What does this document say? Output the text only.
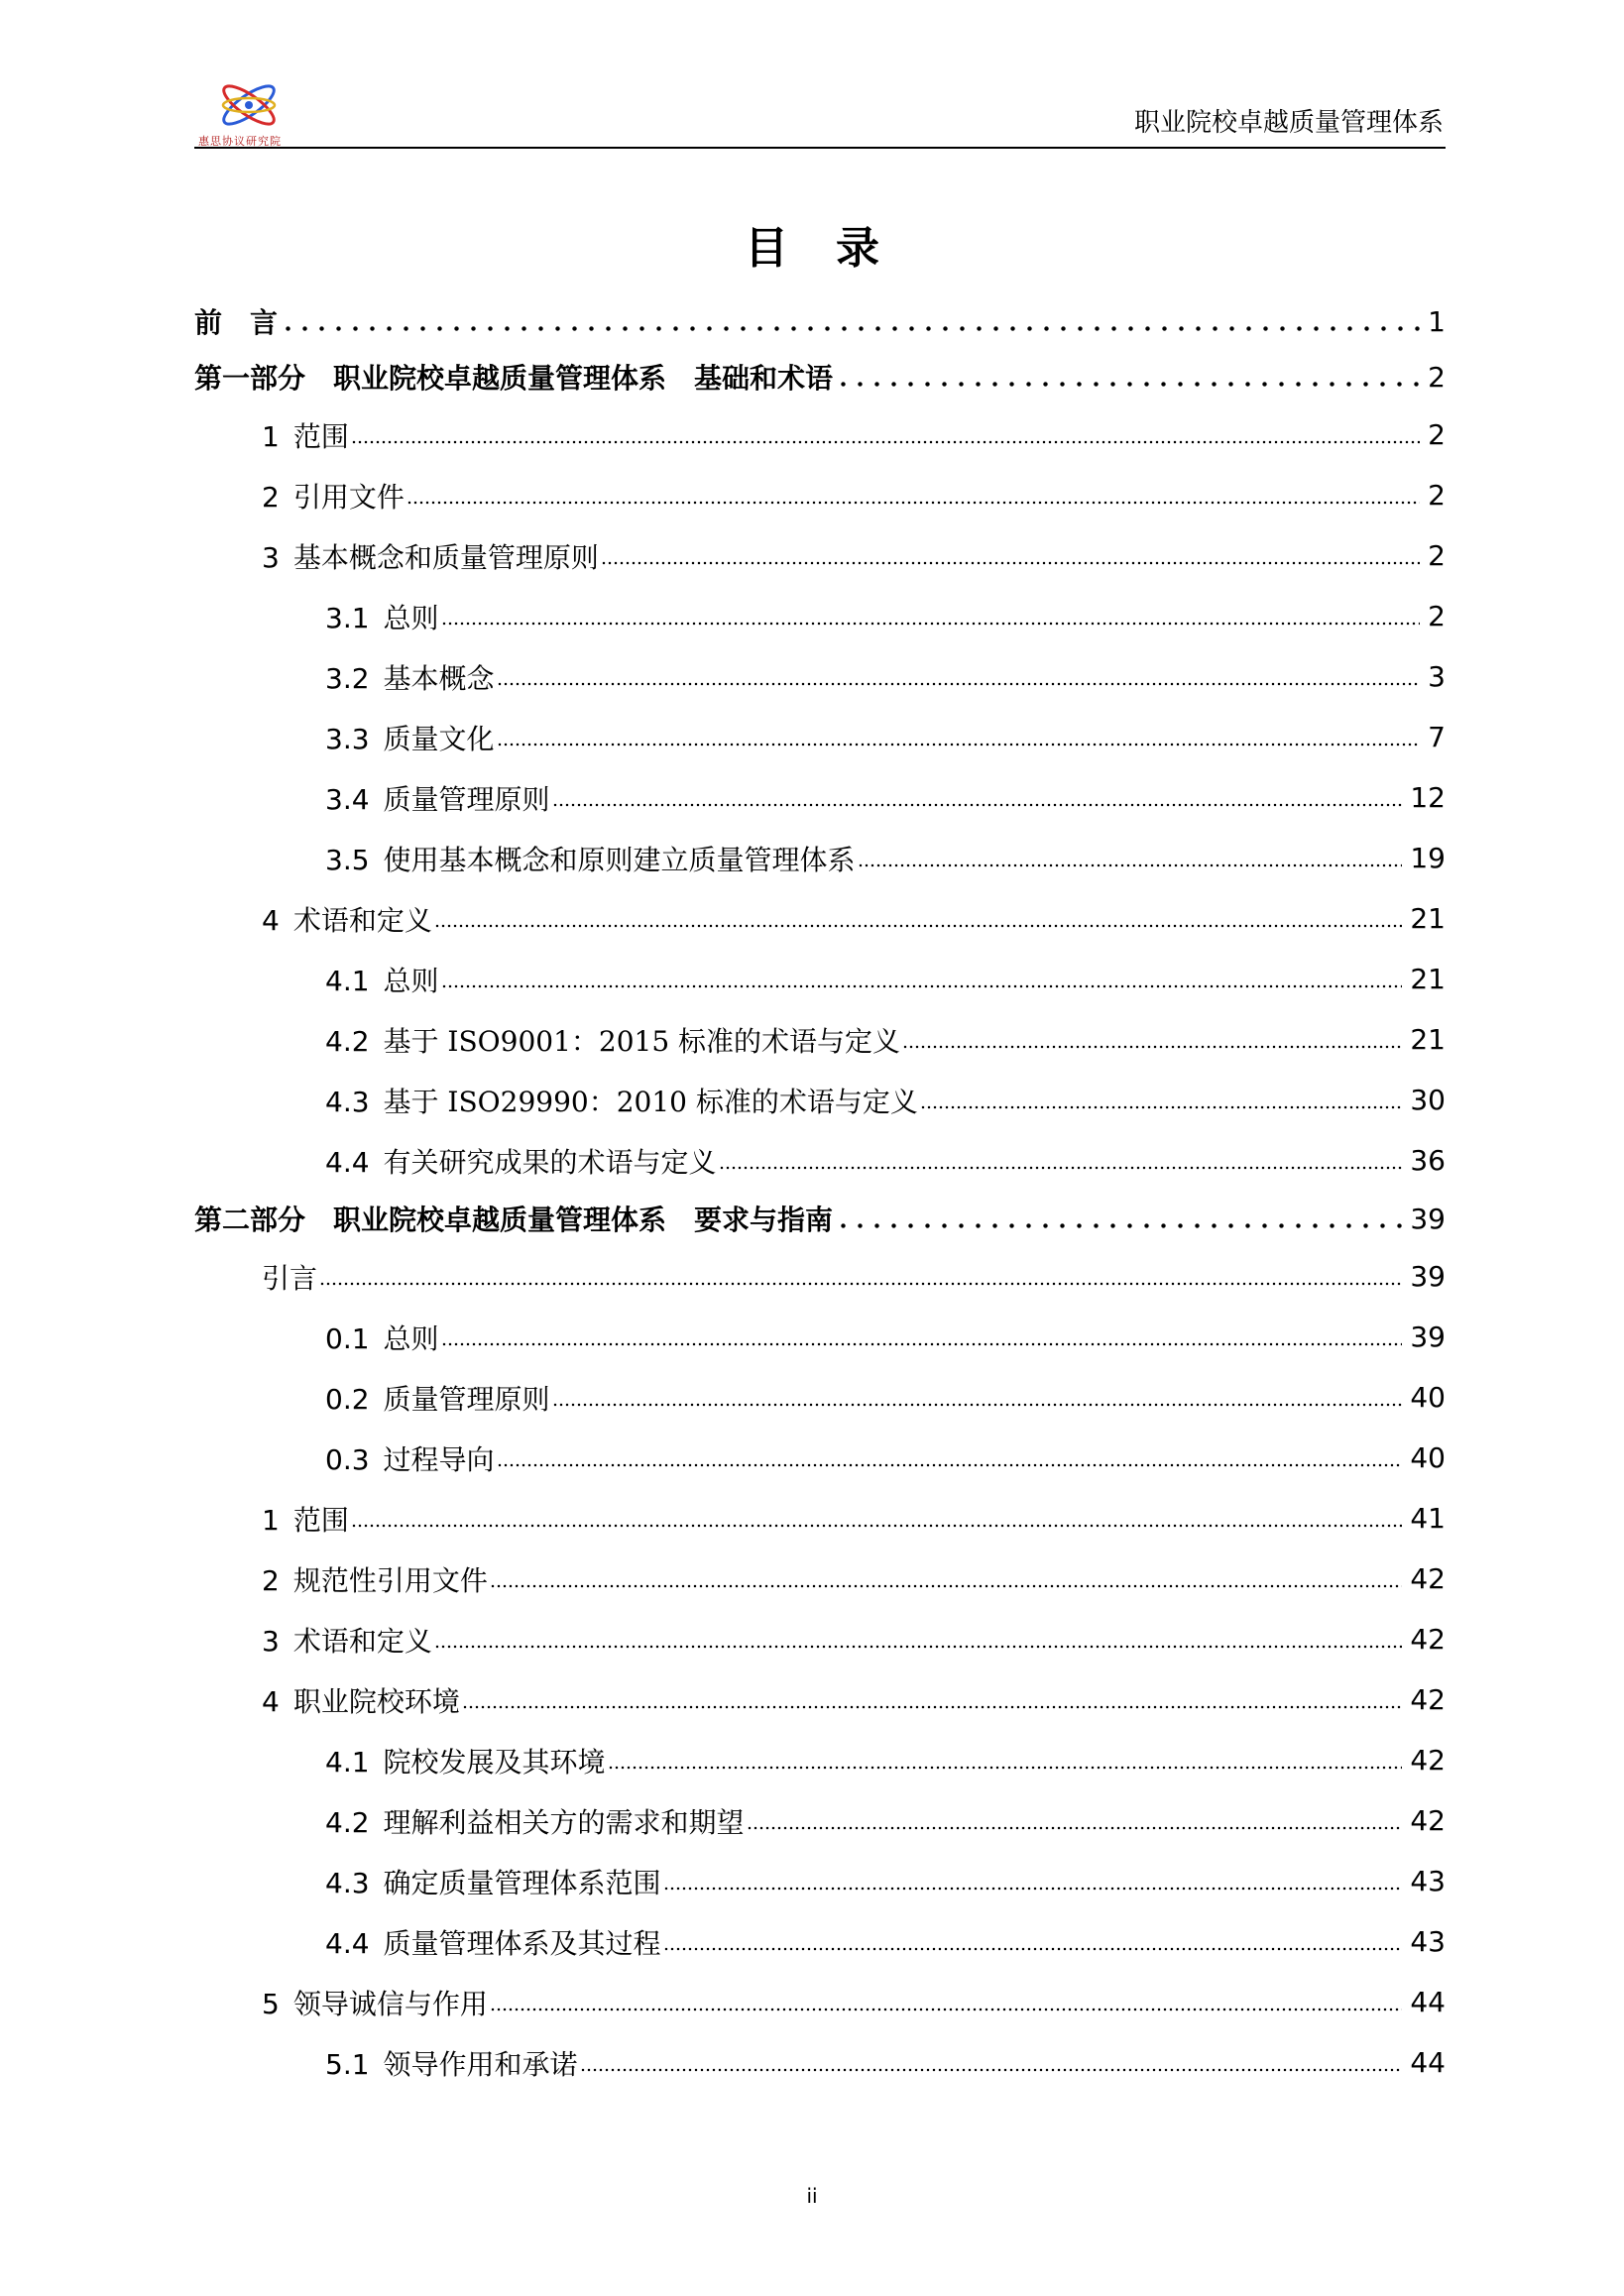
惠思协议研究院
职业院校卓越质量管理体系
目录
前　言	1
第一部分　职业院校卓越质量管理体系　基础和术语	2
1 范围	2
2 引用文件	2
3 基本概念和质量管理原则	2
3.1 总则	2
3.2 基本概念	3
3.3 质量文化	7
3.4 质量管理原则	12
3.5 使用基本概念和原则建立质量管理体系	19
4 术语和定义	21
4.1 总则	21
4.2 基于 ISO9001：2015 标准的术语与定义	21
4.3 基于 ISO29990：2010 标准的术语与定义	30
4.4 有关研究成果的术语与定义	36
第二部分　职业院校卓越质量管理体系　要求与指南	39
引言	39
0.1 总则	39
0.2 质量管理原则	40
0.3 过程导向	40
1 范围	41
2 规范性引用文件	42
3 术语和定义	42
4 职业院校环境	42
4.1 院校发展及其环境	42
4.2 理解利益相关方的需求和期望	42
4.3 确定质量管理体系范围	43
4.4 质量管理体系及其过程	43
5 领导诚信与作用	44
5.1 领导作用和承诺	44
ii
